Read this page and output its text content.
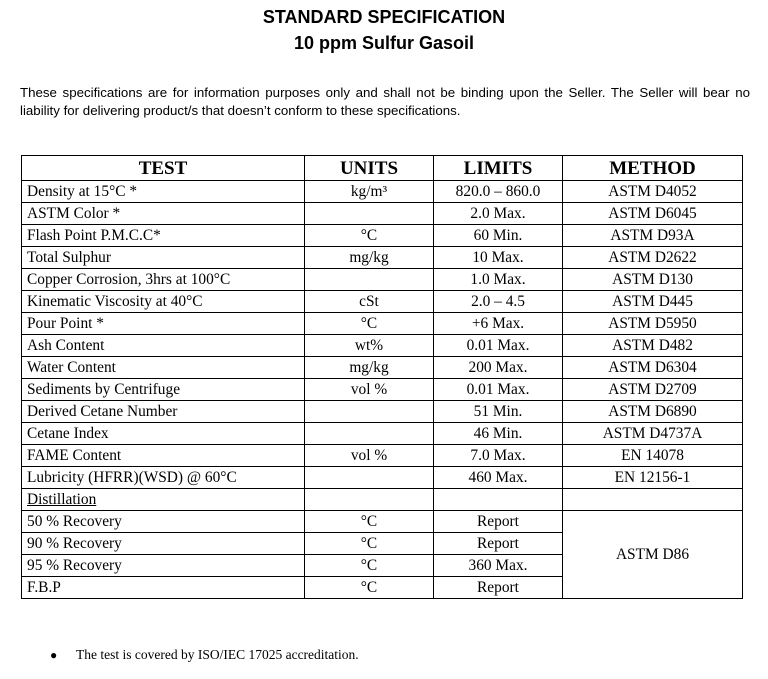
STANDARD SPECIFICATION
10 ppm Sulfur Gasoil
These specifications are for information purposes only and shall not be binding upon the Seller. The Seller will bear no liability for delivering product/s that doesn’t conform to these specifications.
TEST	UNITS	LIMITS	METHOD
Density at 15°C *	kg/m³	820.0 – 860.0	ASTM D4052
ASTM Color *		2.0 Max.	ASTM D6045
Flash Point P.M.C.C*	°C	60 Min.	ASTM D93A
Total Sulphur	mg/kg	10 Max.	ASTM D2622
Copper Corrosion, 3hrs at 100°C		1.0 Max.	ASTM D130
Kinematic Viscosity at 40°C	cSt	2.0 – 4.5	ASTM D445
Pour Point *	°C	+6 Max.	ASTM D5950
Ash Content	wt%	0.01 Max.	ASTM D482
Water Content	mg/kg	200 Max.	ASTM D6304
Sediments by Centrifuge	vol %	0.01 Max.	ASTM D2709
Derived Cetane Number		51 Min.	ASTM D6890
Cetane Index		46 Min.	ASTM D4737A
FAME Content	vol %	7.0 Max.	EN 14078
Lubricity (HFRR)(WSD) @ 60°C		460 Max.	EN 12156-1
Distillation			
50 % Recovery	°C	Report	ASTM D86
90 % Recovery	°C	Report	
95 % Recovery	°C	360 Max.	
F.B.P	°C	Report	
● The test is covered by ISO/IEC 17025 accreditation.
